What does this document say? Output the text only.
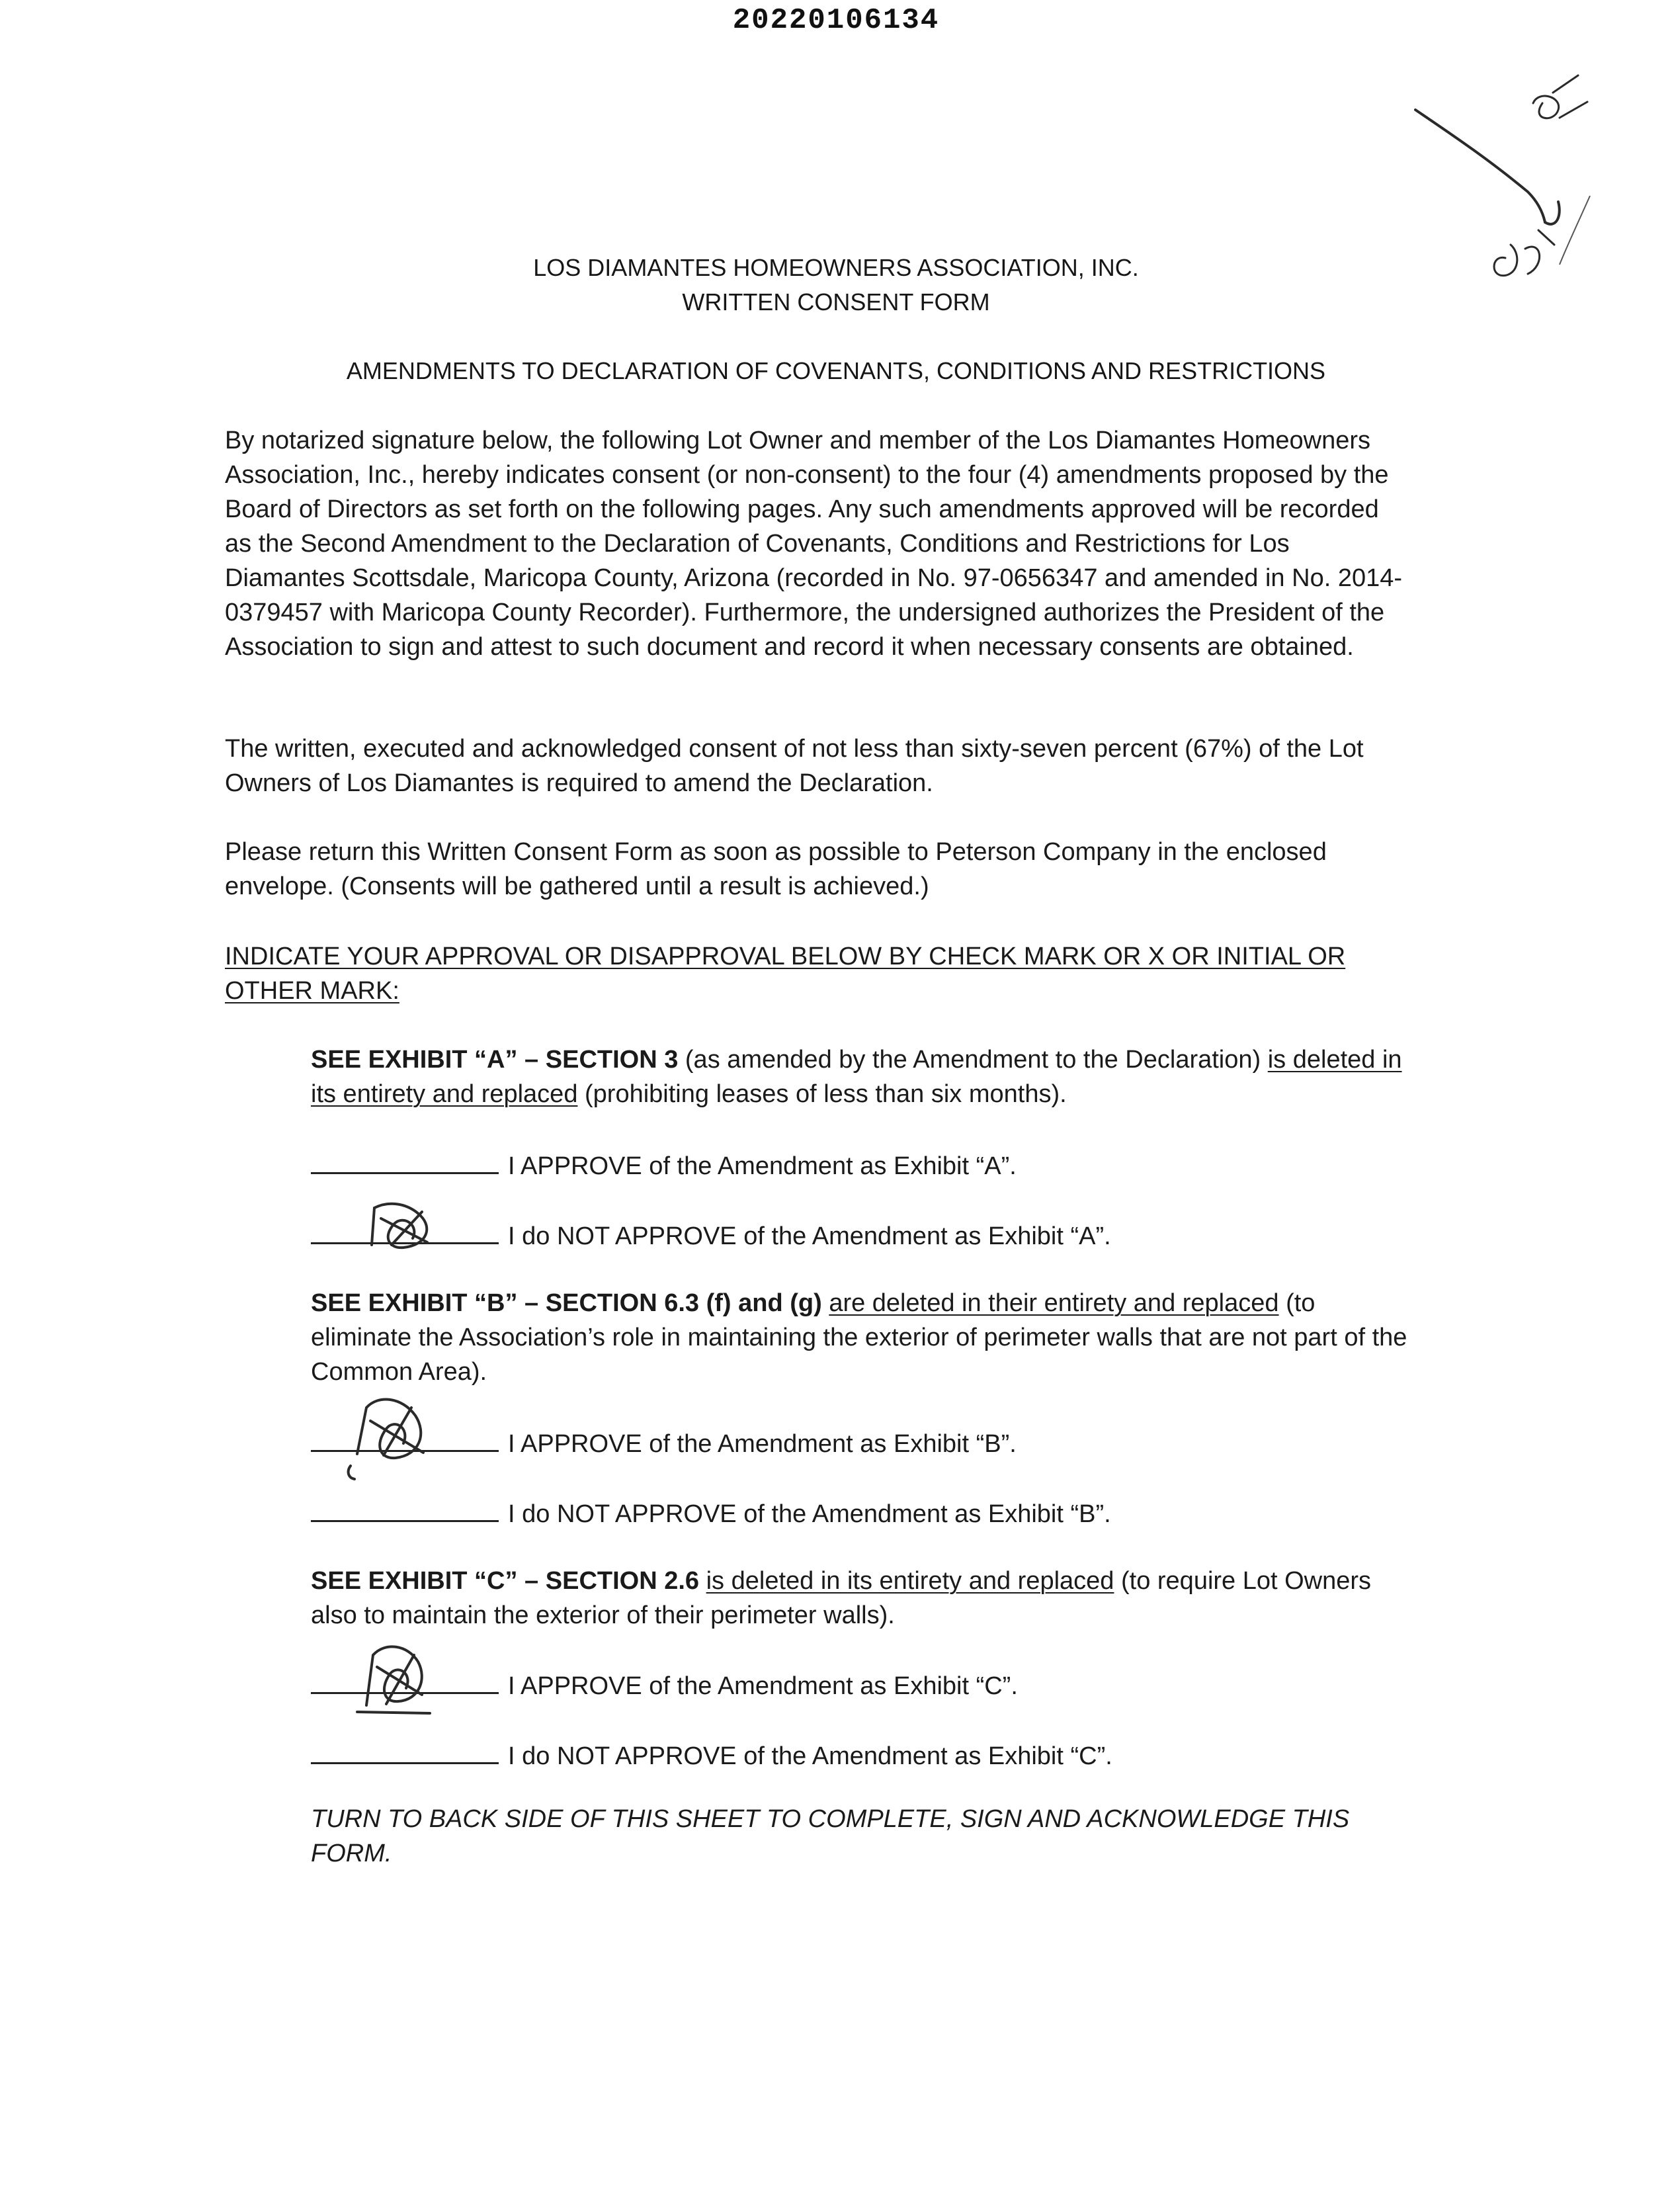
20220106134
LOS DIAMANTES HOMEOWNERS ASSOCIATION, INC.
WRITTEN CONSENT FORM
AMENDMENTS TO DECLARATION OF COVENANTS, CONDITIONS AND RESTRICTIONS
By notarized signature below, the following Lot Owner and member of the Los Diamantes Homeowners Association, Inc., hereby indicates consent (or non-consent) to the four (4) amendments proposed by the Board of Directors as set forth on the following pages. Any such amendments approved will be recorded as the Second Amendment to the Declaration of Covenants, Conditions and Restrictions for Los Diamantes Scottsdale, Maricopa County, Arizona (recorded in No. 97-0656347 and amended in No. 2014-0379457 with Maricopa County Recorder). Furthermore, the undersigned authorizes the President of the Association to sign and attest to such document and record it when necessary consents are obtained.
The written, executed and acknowledged consent of not less than sixty-seven percent (67%) of the Lot Owners of Los Diamantes is required to amend the Declaration.
Please return this Written Consent Form as soon as possible to Peterson Company in the enclosed envelope. (Consents will be gathered until a result is achieved.)
INDICATE YOUR APPROVAL OR DISAPPROVAL BELOW BY CHECK MARK OR X OR INITIAL OR OTHER MARK:
SEE EXHIBIT “A” – SECTION 3 (as amended by the Amendment to the Declaration) is deleted in its entirety and replaced (prohibiting leases of less than six months).
I APPROVE of the Amendment as Exhibit “A”.
I do NOT APPROVE of the Amendment as Exhibit “A”.
SEE EXHIBIT “B” – SECTION 6.3 (f) and (g) are deleted in their entirety and replaced (to eliminate the Association’s role in maintaining the exterior of perimeter walls that are not part of the Common Area).
I APPROVE of the Amendment as Exhibit “B”.
I do NOT APPROVE of the Amendment as Exhibit “B”.
SEE EXHIBIT “C” – SECTION 2.6 is deleted in its entirety and replaced (to require Lot Owners also to maintain the exterior of their perimeter walls).
I APPROVE of the Amendment as Exhibit “C”.
I do NOT APPROVE of the Amendment as Exhibit “C”.
TURN TO BACK SIDE OF THIS SHEET TO COMPLETE, SIGN AND ACKNOWLEDGE THIS FORM.
